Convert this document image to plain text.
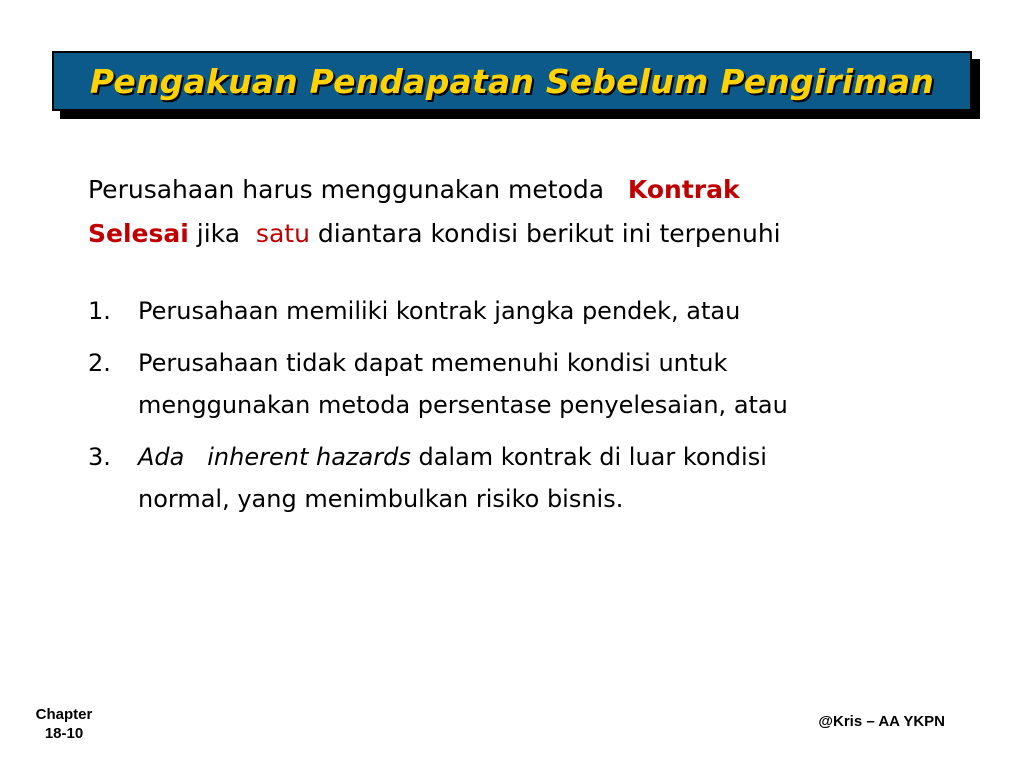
Pengakuan Pendapatan Sebelum Pengiriman
Perusahaan harus menggunakan metoda Kontrak
Selesai jika satu diantara kondisi berikut ini terpenuhi
1. Perusahaan memiliki kontrak jangka pendek, atau
2. Perusahaan tidak dapat memenuhi kondisi untuk
menggunakan metoda persentase penyelesaian, atau
3. Ada inherent hazards dalam kontrak di luar kondisi
normal, yang menimbulkan risiko bisnis.
Chapter
18-10
@Kris – AA YKPN
